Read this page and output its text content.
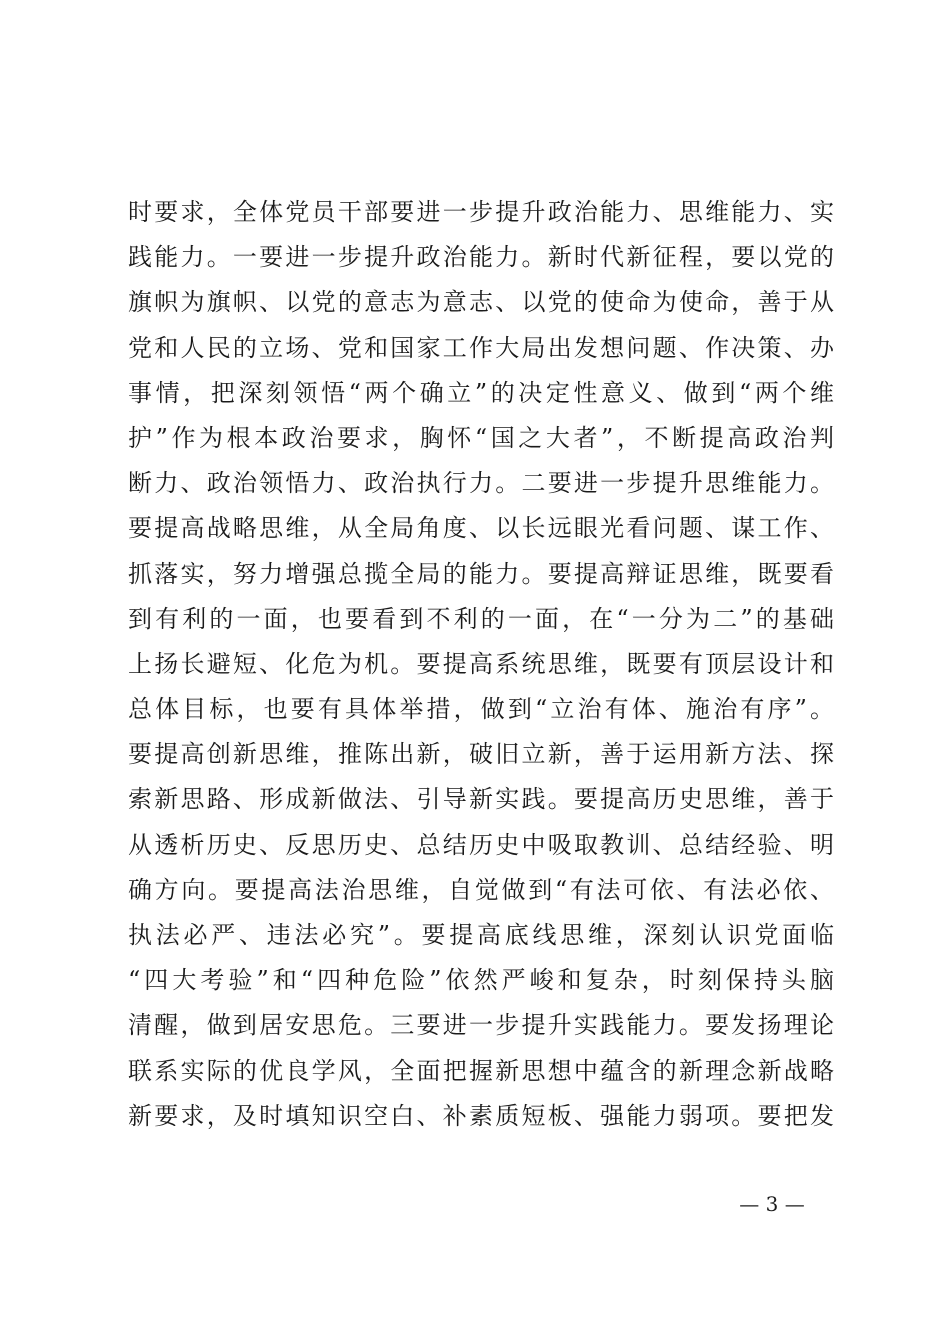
时要求，全体党员干部要进一步提升政治能力、思维能力、实
践能力。一要进一步提升政治能力。新时代新征程，要以党的
旗帜为旗帜、以党的意志为意志、以党的使命为使命，善于从
党和人民的立场、党和国家工作大局出发想问题、作决策、办
事情，把深刻领悟“两个确立”的决定性意义、做到“两个维
护”作为根本政治要求，胸怀“国之大者”，不断提高政治判
断力、政治领悟力、政治执行力。二要进一步提升思维能力。
要提高战略思维，从全局角度、以长远眼光看问题、谋工作、
抓落实，努力增强总揽全局的能力。要提高辩证思维，既要看
到有利的一面，也要看到不利的一面，在“一分为二”的基础
上扬长避短、化危为机。要提高系统思维，既要有顶层设计和
总体目标，也要有具体举措，做到“立治有体、施治有序”。
要提高创新思维，推陈出新，破旧立新，善于运用新方法、探
索新思路、形成新做法、引导新实践。要提高历史思维，善于
从透析历史、反思历史、总结历史中吸取教训、总结经验、明
确方向。要提高法治思维，自觉做到“有法可依、有法必依、
执法必严、违法必究”。要提高底线思维，深刻认识党面临
“四大考验”和“四种危险”依然严峻和复杂，时刻保持头脑
清醒，做到居安思危。三要进一步提升实践能力。要发扬理论
联系实际的优良学风，全面把握新思想中蕴含的新理念新战略
新要求，及时填知识空白、补素质短板、强能力弱项。要把发
— 3 —
